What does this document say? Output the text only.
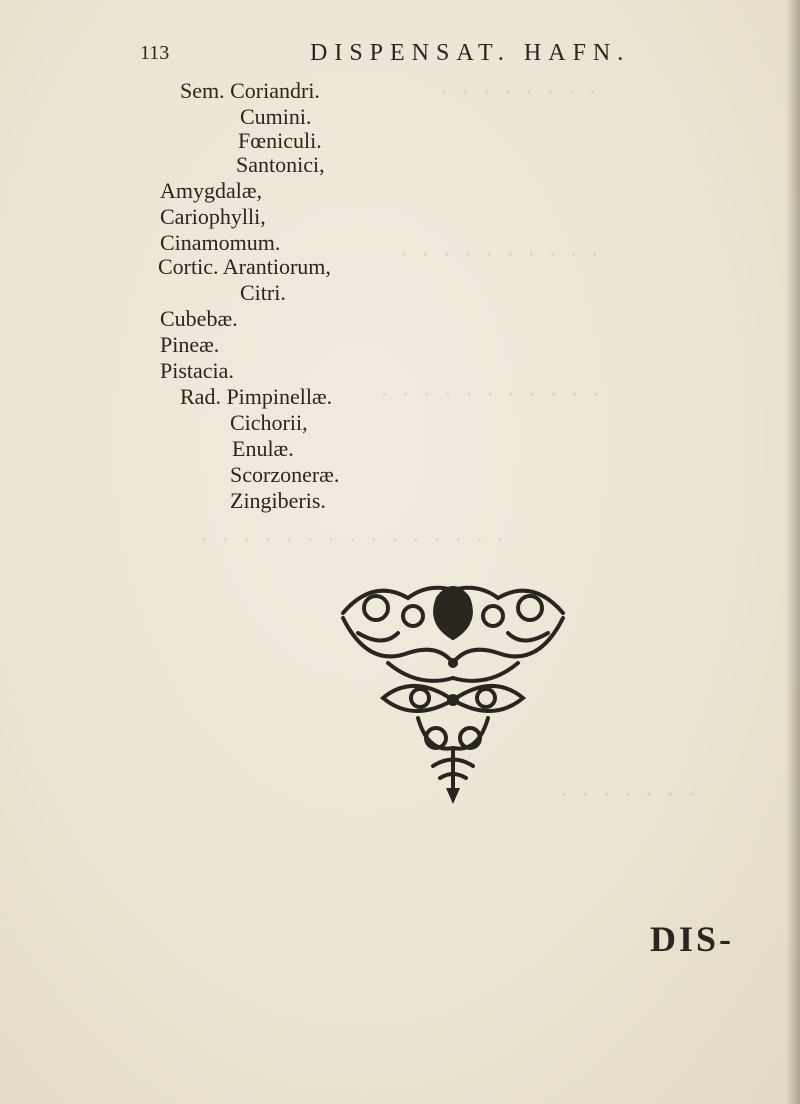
· · · · · · · ·
· · · · · · · · · ·
· · · · · · · · · · ·
· · · · · · · · · · · · · · ·
· · · · · · ·
113	DISPENSAT. HAFN.
Sem. Coriandri.
Cumini.
Fœniculi.
Santonici,
Amygdalæ,
Cariophylli,
Cinamomum.
Cortic. Arantiorum,
Citri.
Cubebæ.
Pineæ.
Pistacia.
Rad. Pimpinellæ.
Cichorii,
Enulæ.
Scorzoneræ.
Zingiberis.
DIS-
